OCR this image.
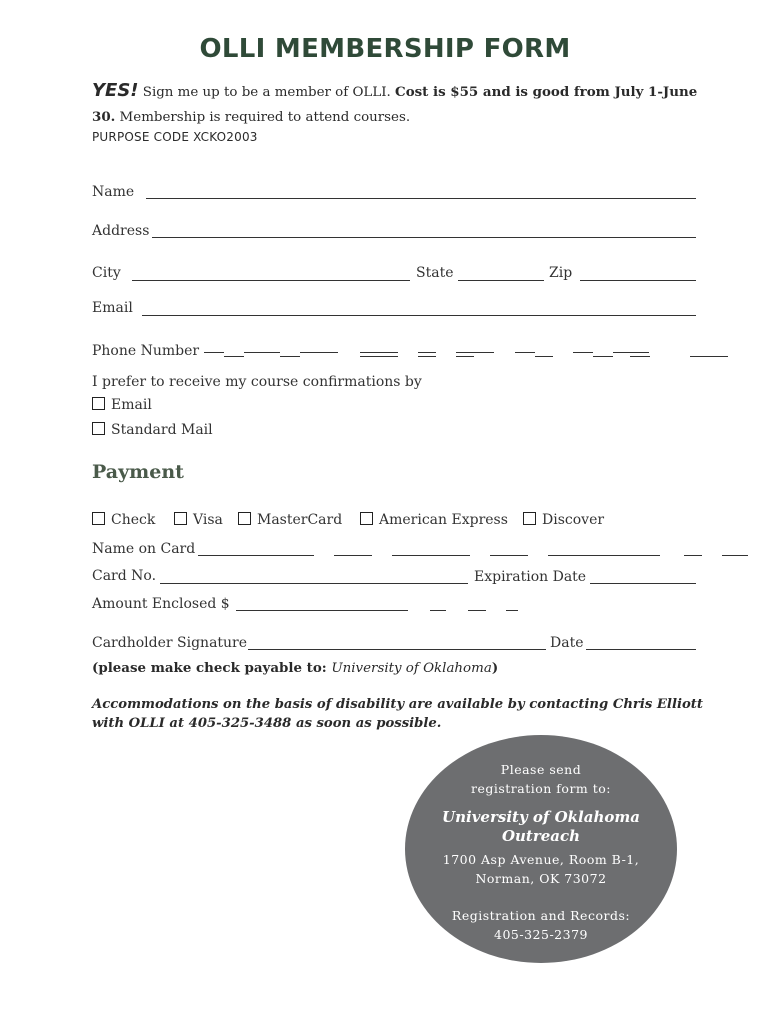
OLLI MEMBERSHIP FORM
YES! Sign me up to be a member of OLLI. Cost is $55 and is good from July 1-June 30. Membership is required to attend courses.
PURPOSE CODE XCKO2003
Name
Address
City	State	Zip
Email
Phone Number
I prefer to receive my course confirmations by
Email
Standard Mail
Payment
Check	Visa	MasterCard	American Express	Discover
Name on Card
Card No.	Expiration Date
Amount Enclosed $
Cardholder Signature	Date
(please make check payable to: University of Oklahoma)
Accommodations on the basis of disability are available by contacting Chris Elliott with OLLI at 405-325-3488 as soon as possible.
Please send
registration form to:
University of Oklahoma
Outreach
1700 Asp Avenue, Room B-1,
Norman, OK 73072
Registration and Records:
405-325-2379
